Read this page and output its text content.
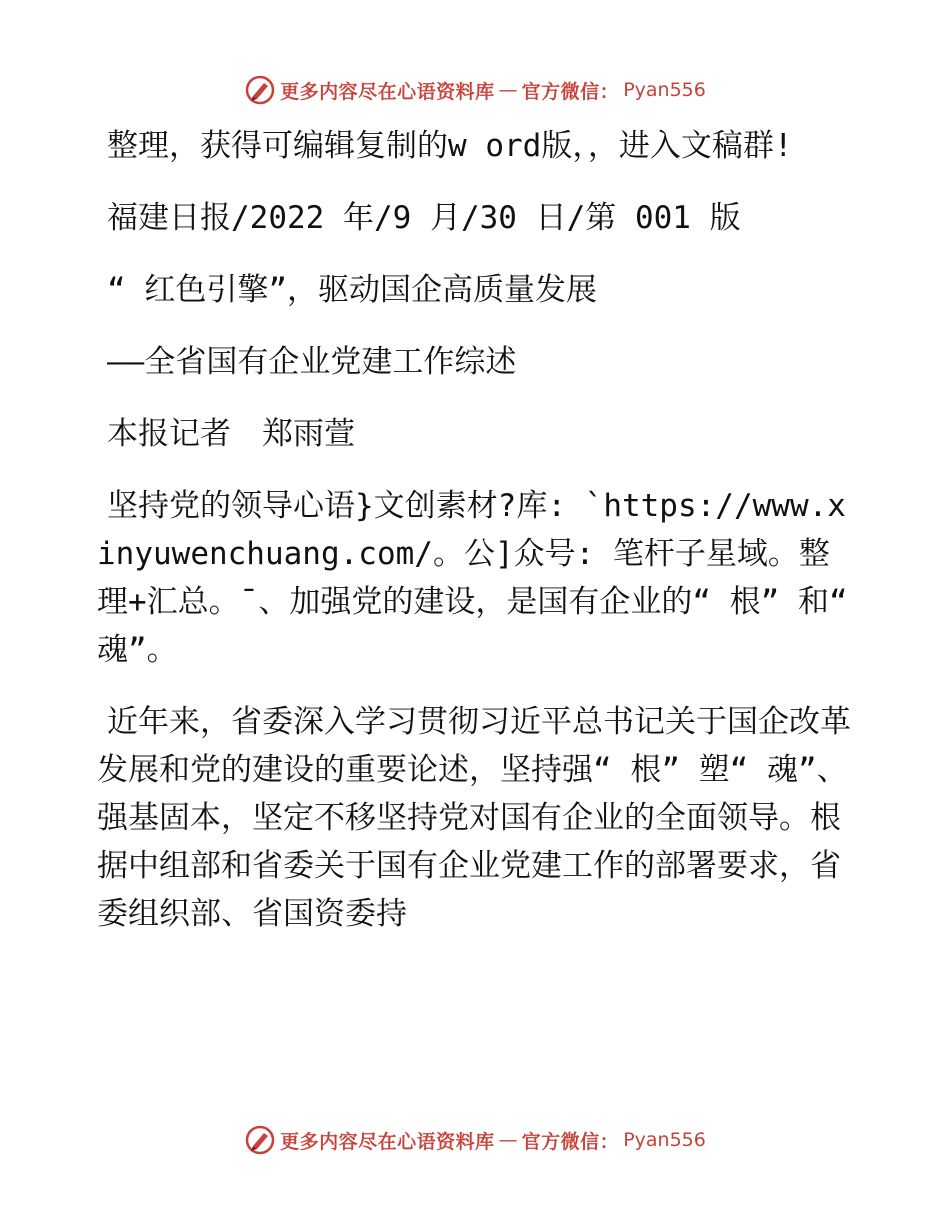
更多内容尽在心语资料库 — 官方微信： Pyan556

整理，获得可编辑复制的w ord版，，进入文稿群!

福建日报/2022 年/9 月/30 日/第 001 版

“ 红色引擎”，驱动国企高质量发展

——全省国有企业党建工作综述

本报记者　郑雨萱

坚持党的领导心语}文创素材?库: `https://www.xinyuwenchuang.com/。公]众号: 笔杆子星域。整理+汇总。¯、加强党的建设，是国有企业的“ 根” 和“ 魂”。

近年来，省委深入学习贯彻习近平总书记关于国企改革发展和党的建设的重要论述，坚持强“ 根” 塑“ 魂”、强基固本，坚定不移坚持党对国有企业的全面领导。根据中组部和省委关于国有企业党建工作的部署要求，省委组织部、省国资委持

更多内容尽在心语资料库 — 官方微信： Pyan556
